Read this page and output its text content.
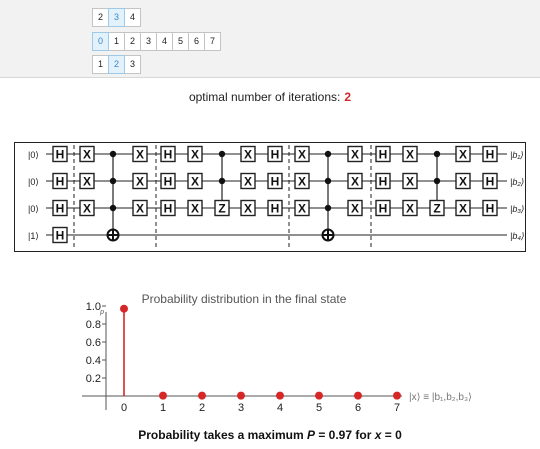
2	3	4
0	1	2	3	4	5	6	7
1	2	3
optimal number of iterations: 2
|0⟩	|b₁⟩
|0⟩	|b₂⟩
|0⟩	|b₃⟩
|1⟩	|b₄⟩
H
H
H
H
X
X
X
X
X
X
H
H
H
X
X
X Z
X
X
X
H
H
H
X
X
X
X
X
X
H
H
H
X
X
X Z
X
X
X
H
H
H
Probability distribution in the final state
p
0.2
0.4
0.6
0.8
1.0
0	1	2	3	4	5	6	7
|x⟩ ≡ |b₁,b₂,b₃⟩
Probability takes a maximum P = 0.97 for x = 0
